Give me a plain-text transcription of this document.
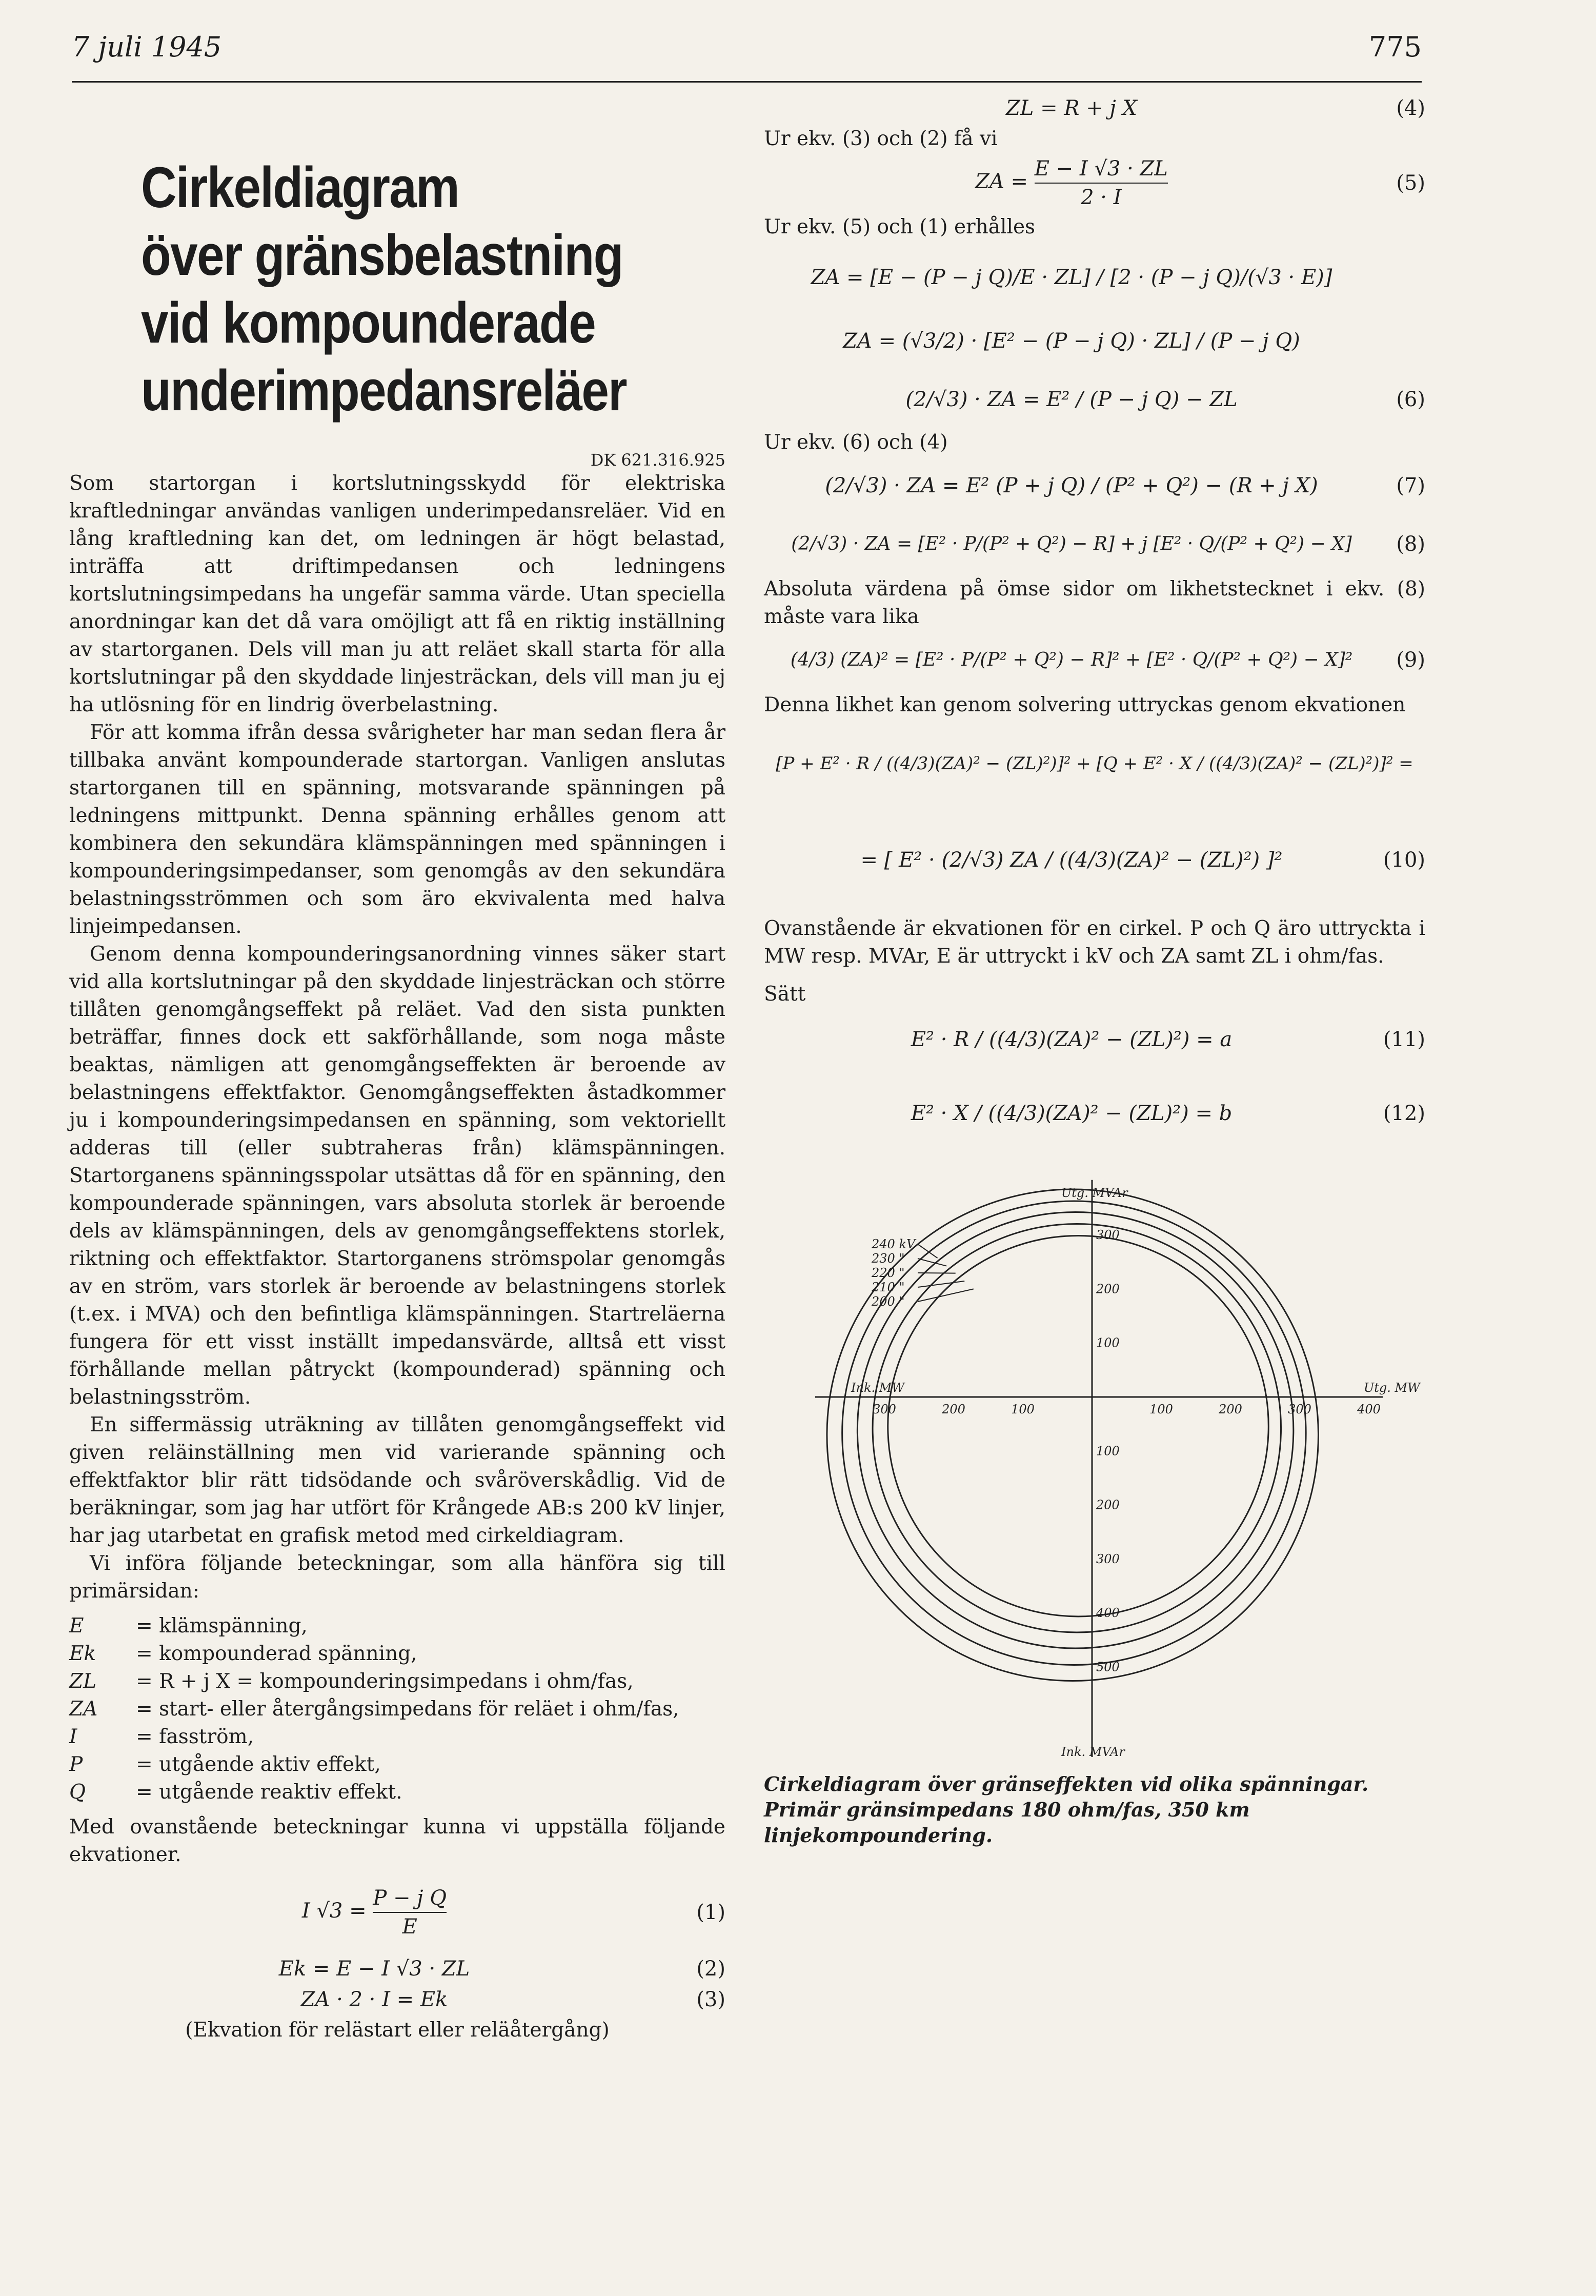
7 juli 1945	775
Cirkeldiagram
över gränsbelastning
vid kompounderade
underimpedansreläer
DK 621.316.925

Som startorgan i kortslutningsskydd för elektriska kraftledningar användas vanligen underimpedansreläer. Vid en lång kraftledning kan det, om ledningen är högt belastad, inträffa att driftimpedansen och ledningens kortslutningsimpedans ha ungefär samma värde. Utan speciella anordningar kan det då vara omöjligt att få en riktig inställning av startorganen. Dels vill man ju att reläet skall starta för alla kortslutningar på den skyddade linjesträckan, dels vill man ju ej ha utlösning för en lindrig överbelastning.

För att komma ifrån dessa svårigheter har man sedan flera år tillbaka använt kompounderade startorgan. Vanligen anslutas startorganen till en spänning, motsvarande spänningen på ledningens mittpunkt. Denna spänning erhålles genom att kombinera den sekundära klämspänningen med spänningen i kompounderingsimpedanser, som genomgås av den sekundära belastningsströmmen och som äro ekvivalenta med halva linjeimpedansen.

Genom denna kompounderingsanordning vinnes säker start vid alla kortslutningar på den skyddade linjesträckan och större tillåten genomgångseffekt på reläet. Vad den sista punkten beträffar, finnes dock ett sakförhållande, som noga måste beaktas, nämligen att genomgångseffekten är beroende av belastningens effektfaktor. Genomgångseffekten åstadkommer ju i kompounderingsimpedansen en spänning, som vektoriellt adderas till (eller subtraheras från) klämspänningen. Startorganens spänningsspolar utsättas då för en spänning, den kompounderade spänningen, vars absoluta storlek är beroende dels av klämspänningen, dels av genomgångseffektens storlek, riktning och effektfaktor. Startorganens strömspolar genomgås av en ström, vars storlek är beroende av belastningens storlek (t.ex. i MVA) och den befintliga klämspänningen. Startreläerna fungera för ett visst inställt impedansvärde, alltså ett visst förhållande mellan påtryckt (kompounderad) spänning och belastningsström.

En siffermässig uträkning av tillåten genomgångseffekt vid given reläinställning men vid varierande spänning och effektfaktor blir rätt tidsödande och svåröverskådlig. Vid de beräkningar, som jag har utfört för Krångede AB:s 200 kV linjer, har jag utarbetat en grafisk metod med cirkeldiagram.

Vi införa följande beteckningar, som alla hänföra sig till primärsidan:

E	= klämspänning,
Ek	= kompounderad spänning,
ZL	= R + j X = kompounderingsimpedans i ohm/fas,
ZA	= start- eller återgångsimpedans för reläet i ohm/fas,
I	= fasström,
P	= utgående aktiv effekt,
Q	= utgående reaktiv effekt.

Med ovanstående beteckningar kunna vi uppställa följande ekvationer.

I $√3 = \frac{\text{P − j Q}}{E}$	(1)
Ek = E − I √3 · ZL	(2)
ZA · 2 · I = Ek	(3)
(Ekvation för relästart eller reläåtergång)
ZL = R + j X	(4)

Ur ekv. (3) och (2) få vi

ZA = $\frac{E - I √3 \cdot ZL}{2 \cdot I}$	(5)

Ur ekv. (5) och (1) erhålles

ZA = [E − (P − j Q)/E · ZL] / [2 · (P − j Q)/(√3 · E)]
ZA = (√3/2) · [E² − (P − j Q) · ZL] / (P − j Q)
(2/√3) · ZA = E² / (P − j Q) − ZL	(6)

Ur ekv. (6) och (4)

(2/√3) · ZA = E² (P + j Q) / (P² + Q²) − (R + j X)	(7)
(2/√3) · ZA = [E² · P/(P² + Q²) − R] + j [E² · Q/(P² + Q²) − X]	(8)

Absoluta värdena på ömse sidor om likhetstecknet i ekv. (8) måste vara lika

(4/3) (ZA)² = [E² · P/(P² + Q²) − R]² + [E² · Q/(P² + Q²) − X]²	(9)

Denna likhet kan genom solvering uttryckas genom ekvationen

[P + E² · R / ((4/3)(ZA)² − (ZL)²)]² + [Q + E² · X / ((4/3)(ZA)² − (ZL)²)]² =
= [ E² · (2/√3) ZA / ((4/3)(ZA)² − (ZL)²) ]²	(10)

Ovanstående är ekvationen för en cirkel. P och Q äro uttryckta i MW resp. MVAr, E är uttryckt i kV och ZA samt ZL i ohm/fas.

Sätt

E² · R / ((4/3)(ZA)² − (ZL)²) = a	(11)
E² · X / ((4/3)(ZA)² − (ZL)²) = b	(12)
300	200	100	100	200	300	400
300
200
100
100
200
300
400
500
Utg. MVAr
Ink. MVAr
Ink. MW	Utg. MW
240 kV
230 "
220 "
210 "
200 "
Cirkeldiagram över gränseffekten vid olika spänningar. Primär gränsimpedans 180 ohm/fas, 350 km linjekompoundering.
